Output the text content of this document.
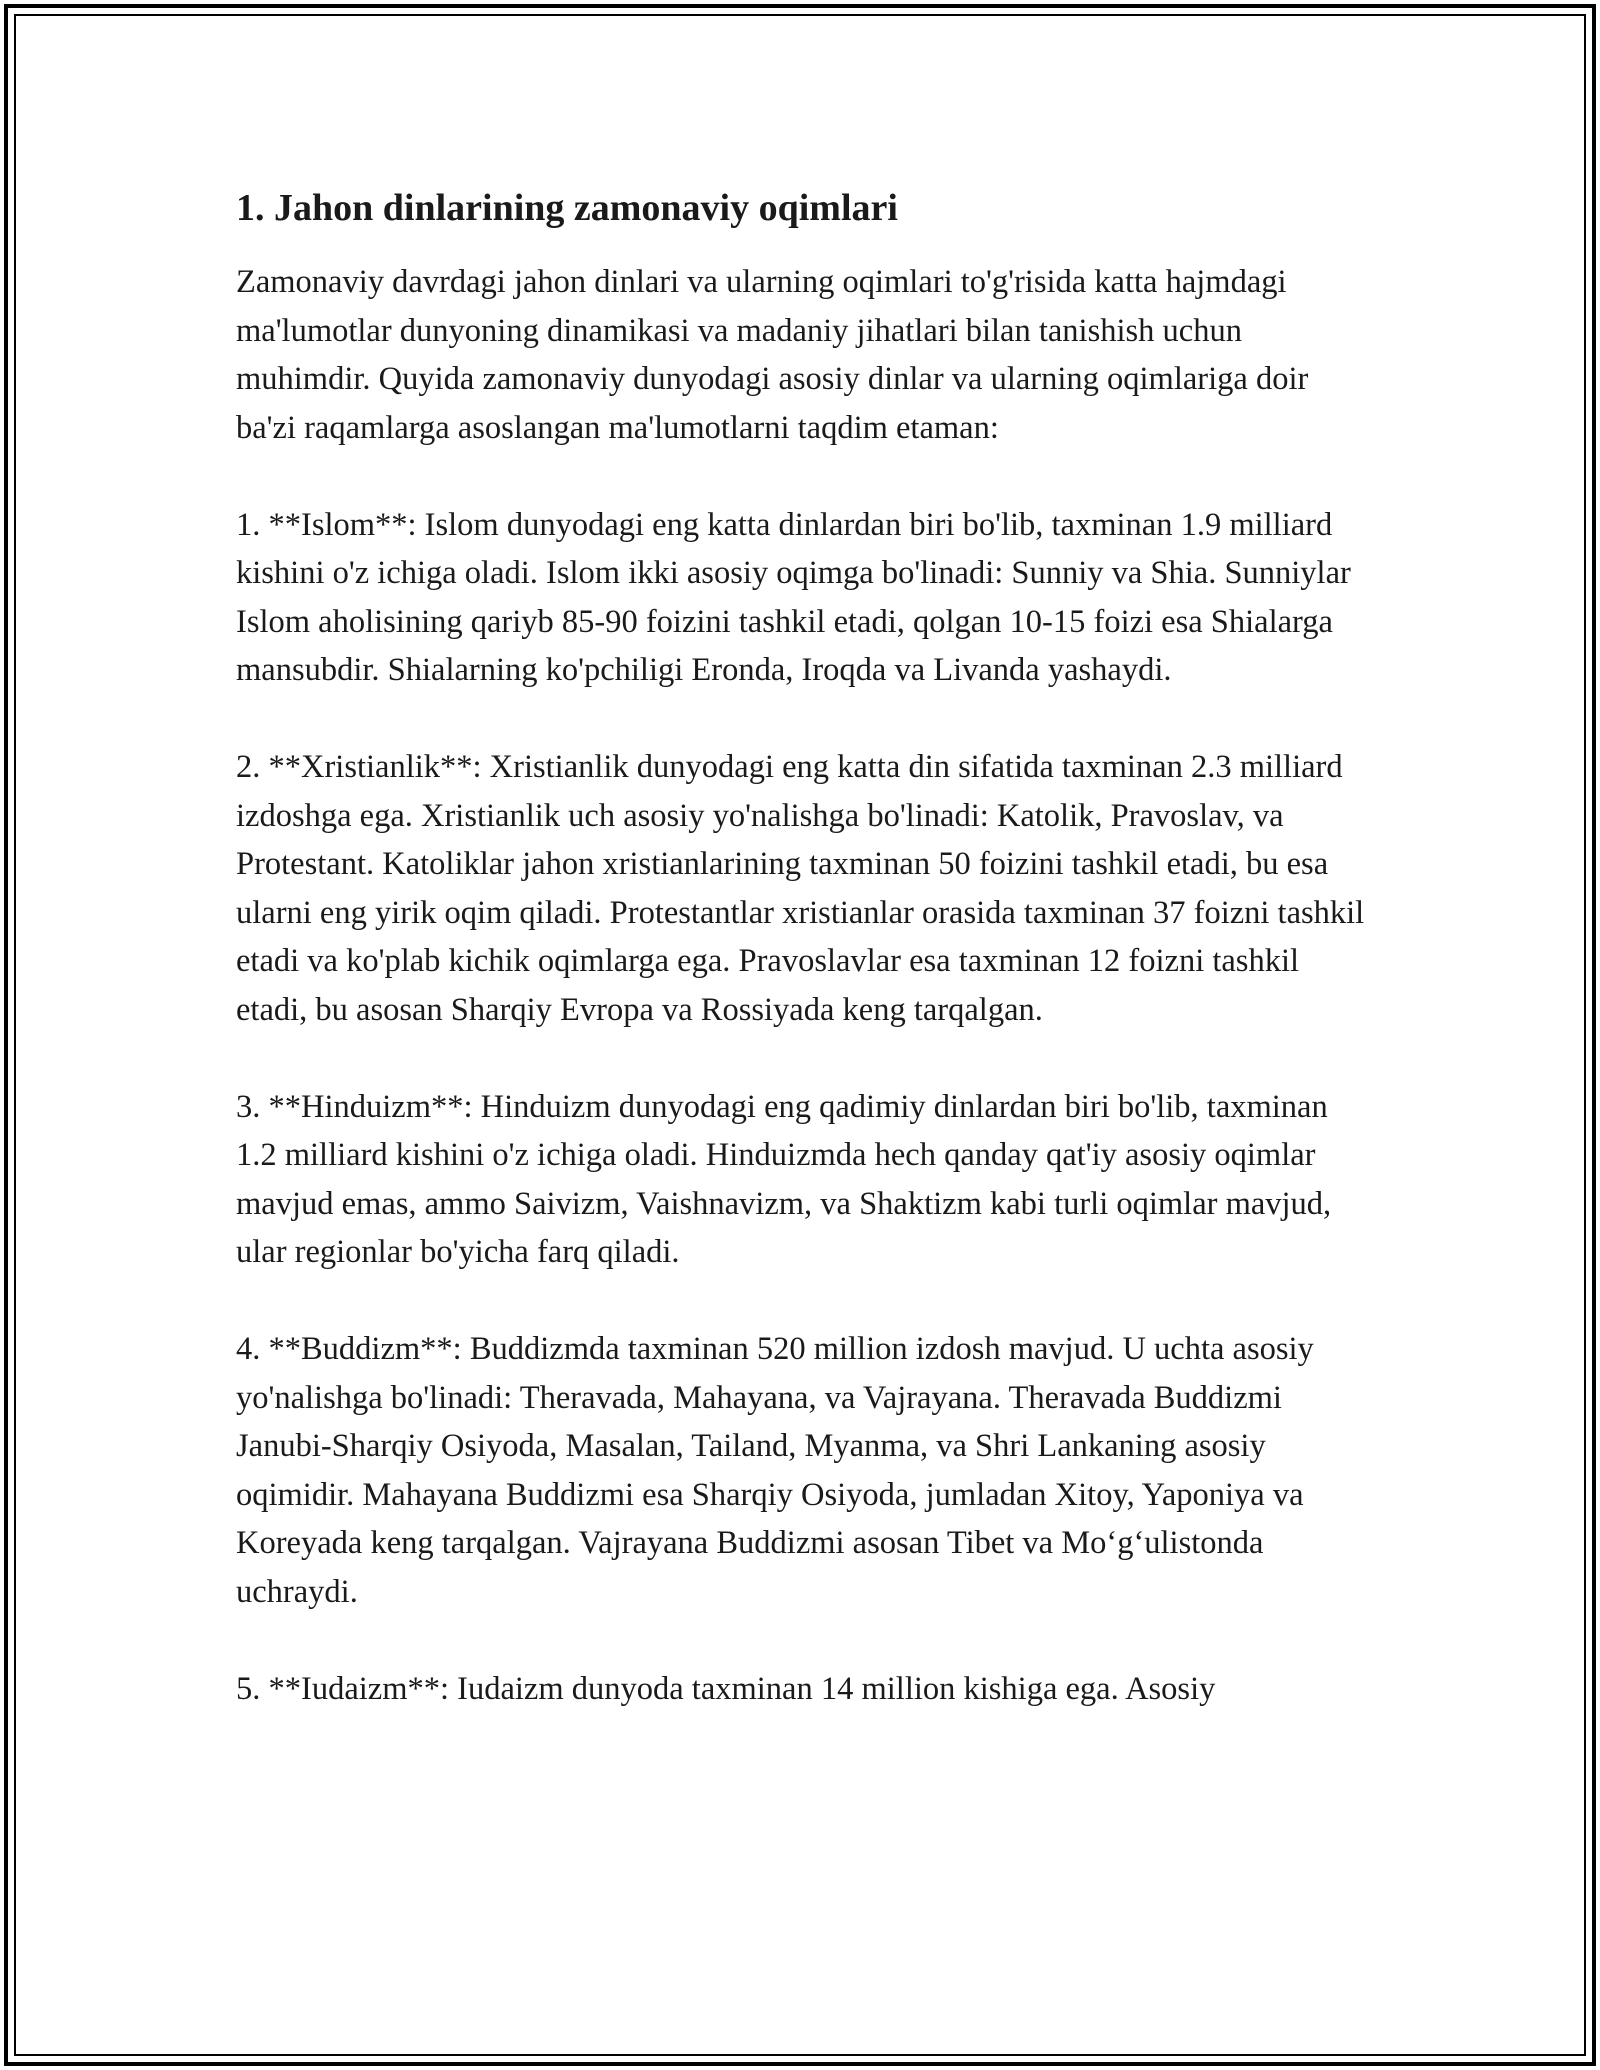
1. Jahon dinlarining zamonaviy oqimlari

Zamonaviy davrdagi jahon dinlari va ularning oqimlari to'g'risida katta hajmdagi ma'lumotlar dunyoning dinamikasi va madaniy jihatlari bilan tanishish uchun muhimdir. Quyida zamonaviy dunyodagi asosiy dinlar va ularning oqimlariga doir ba'zi raqamlarga asoslangan ma'lumotlarni taqdim etaman:

1. **Islom**: Islom dunyodagi eng katta dinlardan biri bo'lib, taxminan 1.9 milliard kishini o'z ichiga oladi. Islom ikki asosiy oqimga bo'linadi: Sunniy va Shia. Sunniylar Islom aholisining qariyb 85-90 foizini tashkil etadi, qolgan 10-15 foizi esa Shialarga mansubdir. Shialarning ko'pchiligi Eronda, Iroqda va Livanda yashaydi.

2. **Xristianlik**: Xristianlik dunyodagi eng katta din sifatida taxminan 2.3 milliard izdoshga ega. Xristianlik uch asosiy yo'nalishga bo'linadi: Katolik, Pravoslav, va Protestant. Katoliklar jahon xristianlarining taxminan 50 foizini tashkil etadi, bu esa ularni eng yirik oqim qiladi. Protestantlar xristianlar orasida taxminan 37 foizni tashkil etadi va ko'plab kichik oqimlarga ega. Pravoslavlar esa taxminan 12 foizni tashkil etadi, bu asosan Sharqiy Evropa va Rossiyada keng tarqalgan.

3. **Hinduizm**: Hinduizm dunyodagi eng qadimiy dinlardan biri bo'lib, taxminan 1.2 milliard kishini o'z ichiga oladi. Hinduizmda hech qanday qat'iy asosiy oqimlar mavjud emas, ammo Saivizm, Vaishnavizm, va Shaktizm kabi turli oqimlar mavjud, ular regionlar bo'yicha farq qiladi.

4. **Buddizm**: Buddizmda taxminan 520 million izdosh mavjud. U uchta asosiy yo'nalishga bo'linadi: Theravada, Mahayana, va Vajrayana. Theravada Buddizmi Janubi-Sharqiy Osiyoda, Masalan, Tailand, Myanma, va Shri Lankaning asosiy oqimidir. Mahayana Buddizmi esa Sharqiy Osiyoda, jumladan Xitoy, Yaponiya va Koreyada keng tarqalgan. Vajrayana Buddizmi asosan Tibet va Mo‘g‘ulistonda uchraydi.

5. **Iudaizm**: Iudaizm dunyoda taxminan 14 million kishiga ega. Asosiy
